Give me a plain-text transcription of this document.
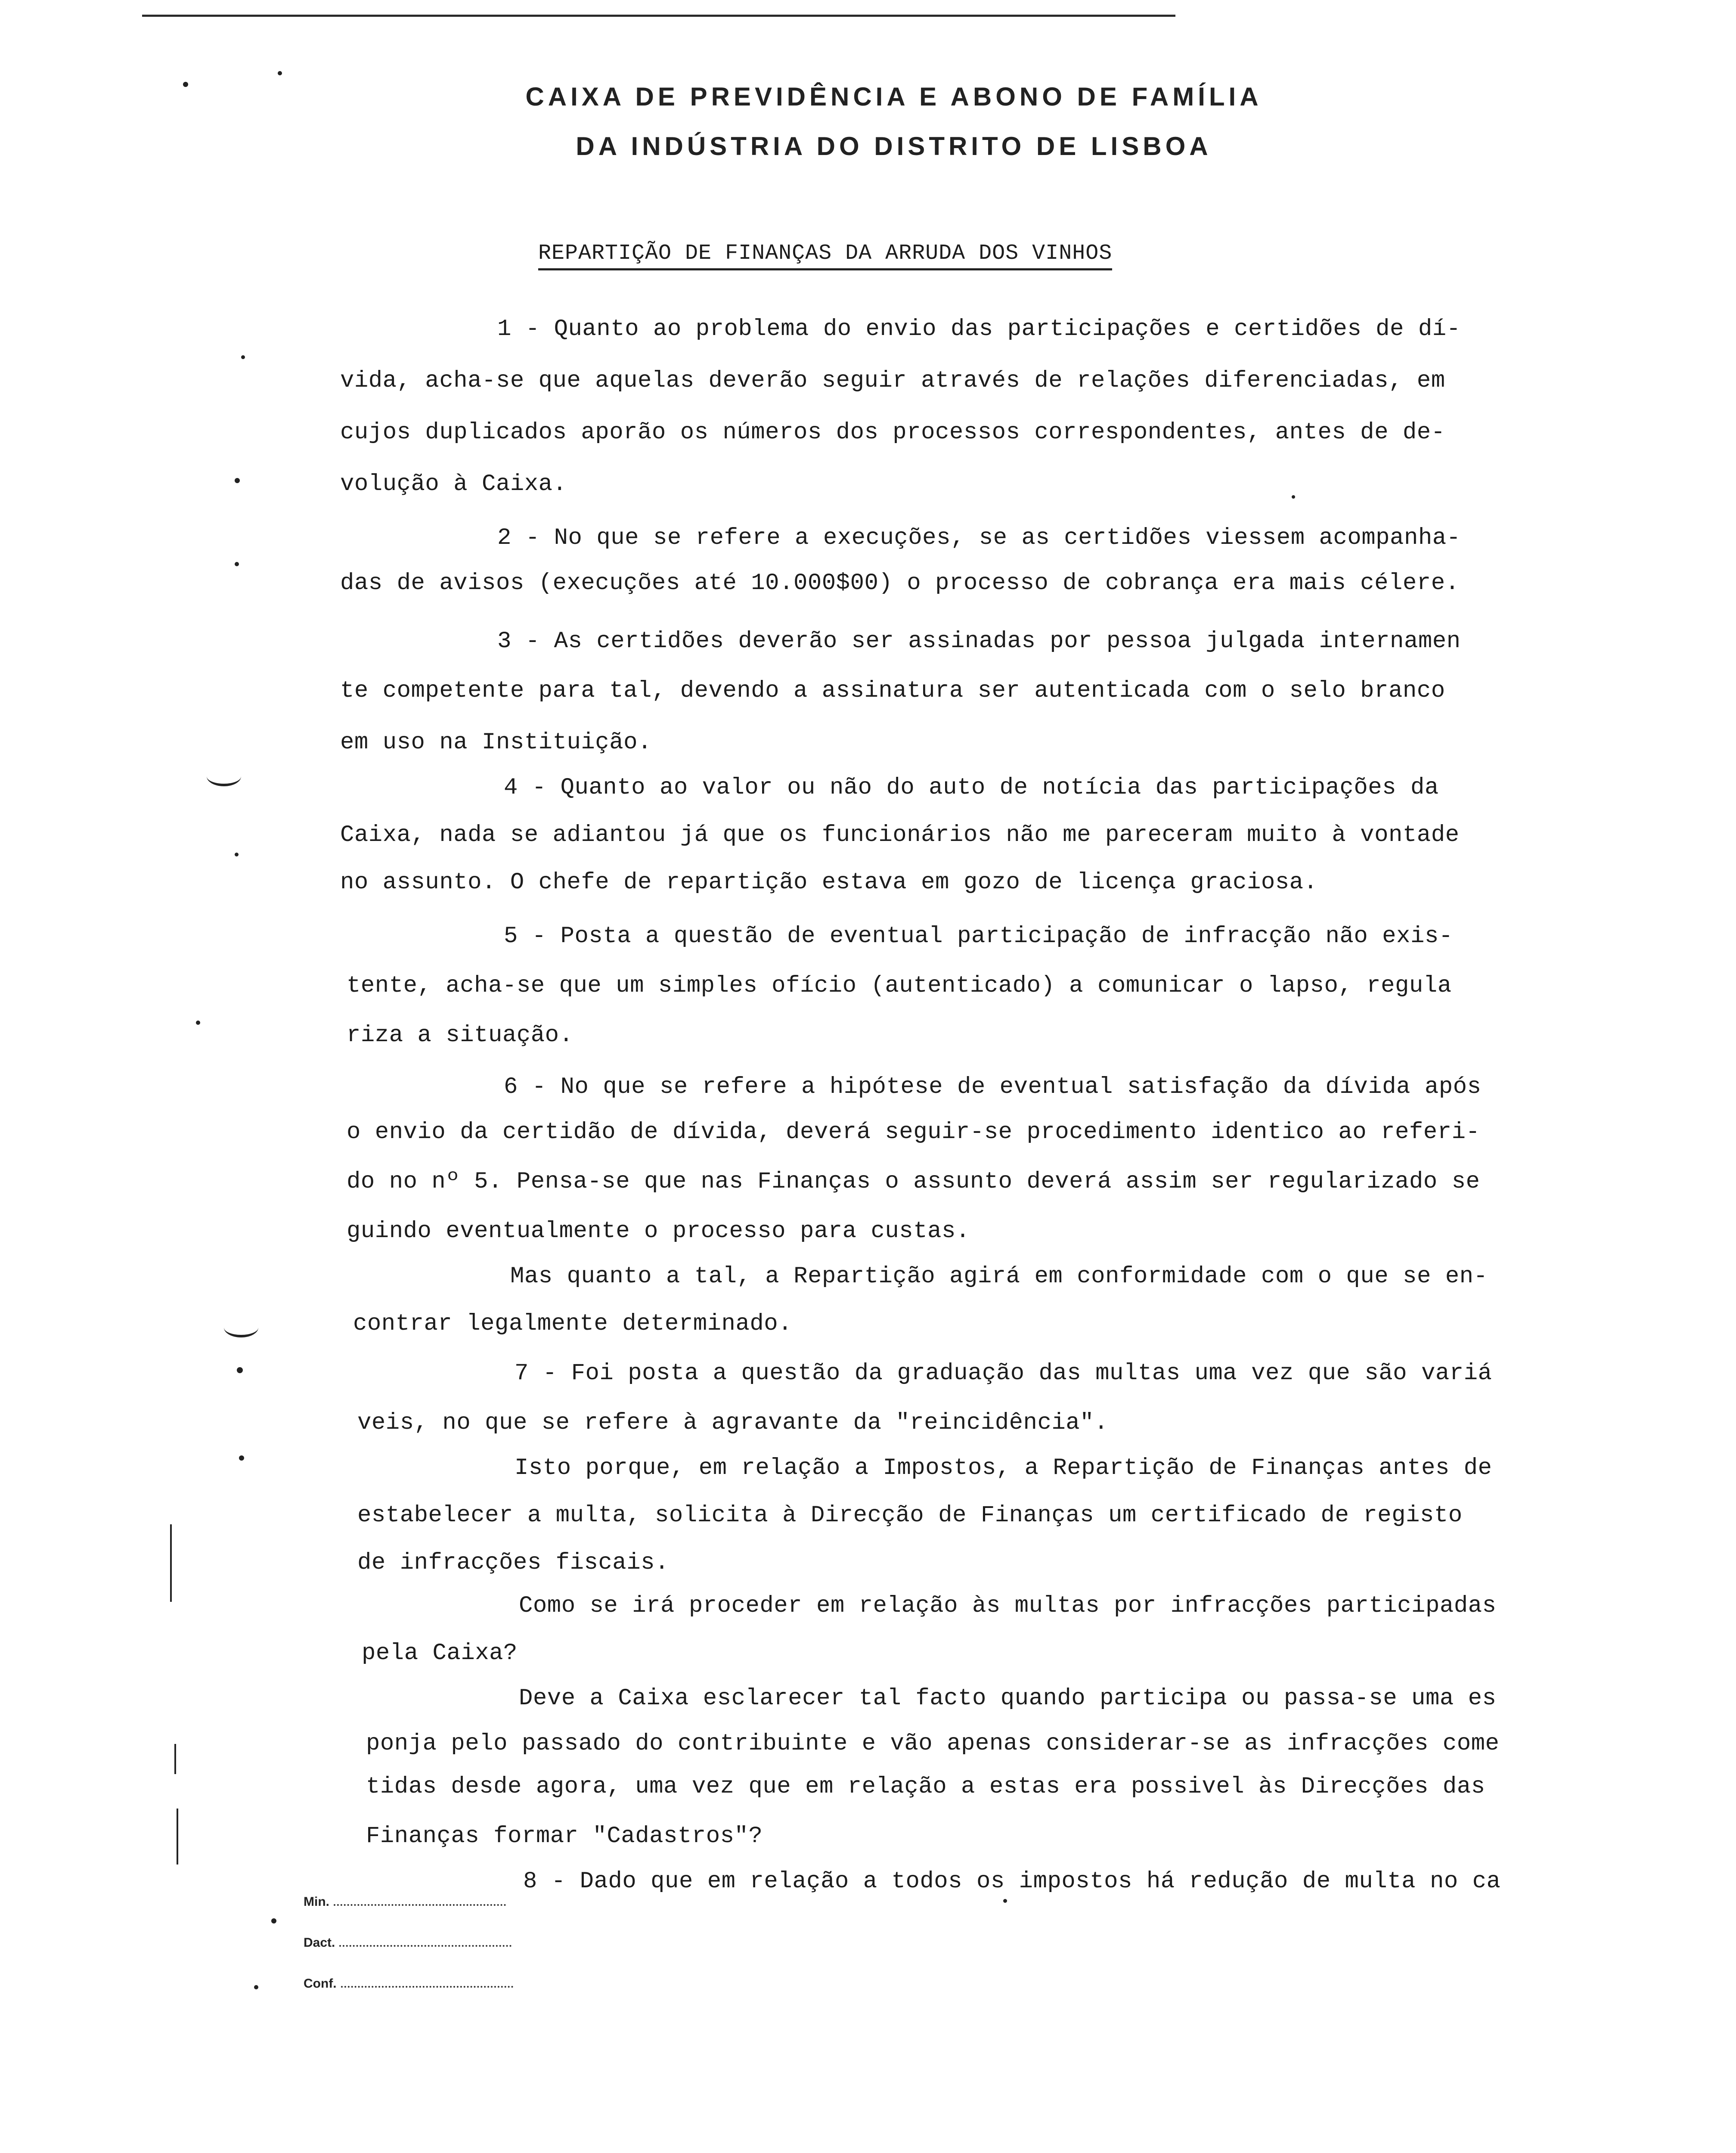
CAIXA DE PREVIDÊNCIA E ABONO DE FAMÍLIA
DA INDÚSTRIA DO DISTRITO DE LISBOA
REPARTIÇÃO DE FINANÇAS DA ARRUDA DOS VINHOS
1 - Quanto ao problema do envio das participações e certidões de dí-
vida, acha-se que aquelas deverão seguir através de relações diferenciadas, em
cujos duplicados aporão os números dos processos correspondentes, antes de de-
volução à Caixa.
2 - No que se refere a execuções, se as certidões viessem acompanha-
das de avisos (execuções até 10.000$00) o processo de cobrança era mais célere.
3 - As certidões deverão ser assinadas por pessoa julgada internamen
te competente para tal, devendo a assinatura ser autenticada com o selo branco
em uso na Instituição.
4 - Quanto ao valor ou não do auto de notícia das participações da
Caixa, nada se adiantou já que os funcionários não me pareceram muito à vontade
no assunto. O chefe de repartição estava em gozo de licença graciosa.
5 - Posta a questão de eventual participação de infracção não exis-
tente, acha-se que um simples ofício (autenticado) a comunicar o lapso, regula
riza a situação.
6 - No que se refere a hipótese de eventual satisfação da dívida após
o envio da certidão de dívida, deverá seguir-se procedimento identico ao referi-
do no nº 5. Pensa-se que nas Finanças o assunto deverá assim ser regularizado se
guindo eventualmente o processo para custas.
Mas quanto a tal, a Repartição agirá em conformidade com o que se en-
contrar legalmente determinado.
7 - Foi posta a questão da graduação das multas uma vez que são variá
veis, no que se refere à agravante da "reincidência".
Isto porque, em relação a Impostos, a Repartição de Finanças antes de
estabelecer a multa, solicita à Direcção de Finanças um certificado de registo
de infracções fiscais.
Como se irá proceder em relação às multas por infracções participadas
pela Caixa?
Deve a Caixa esclarecer tal facto quando participa ou passa-se uma es
ponja pelo passado do contribuinte e vão apenas considerar-se as infracções come
tidas desde agora, uma vez que em relação a estas era possivel às Direcções das
Finanças formar "Cadastros"?
8 - Dado que em relação a todos os impostos há redução de multa no ca
Min.
Dact.
Conf.
